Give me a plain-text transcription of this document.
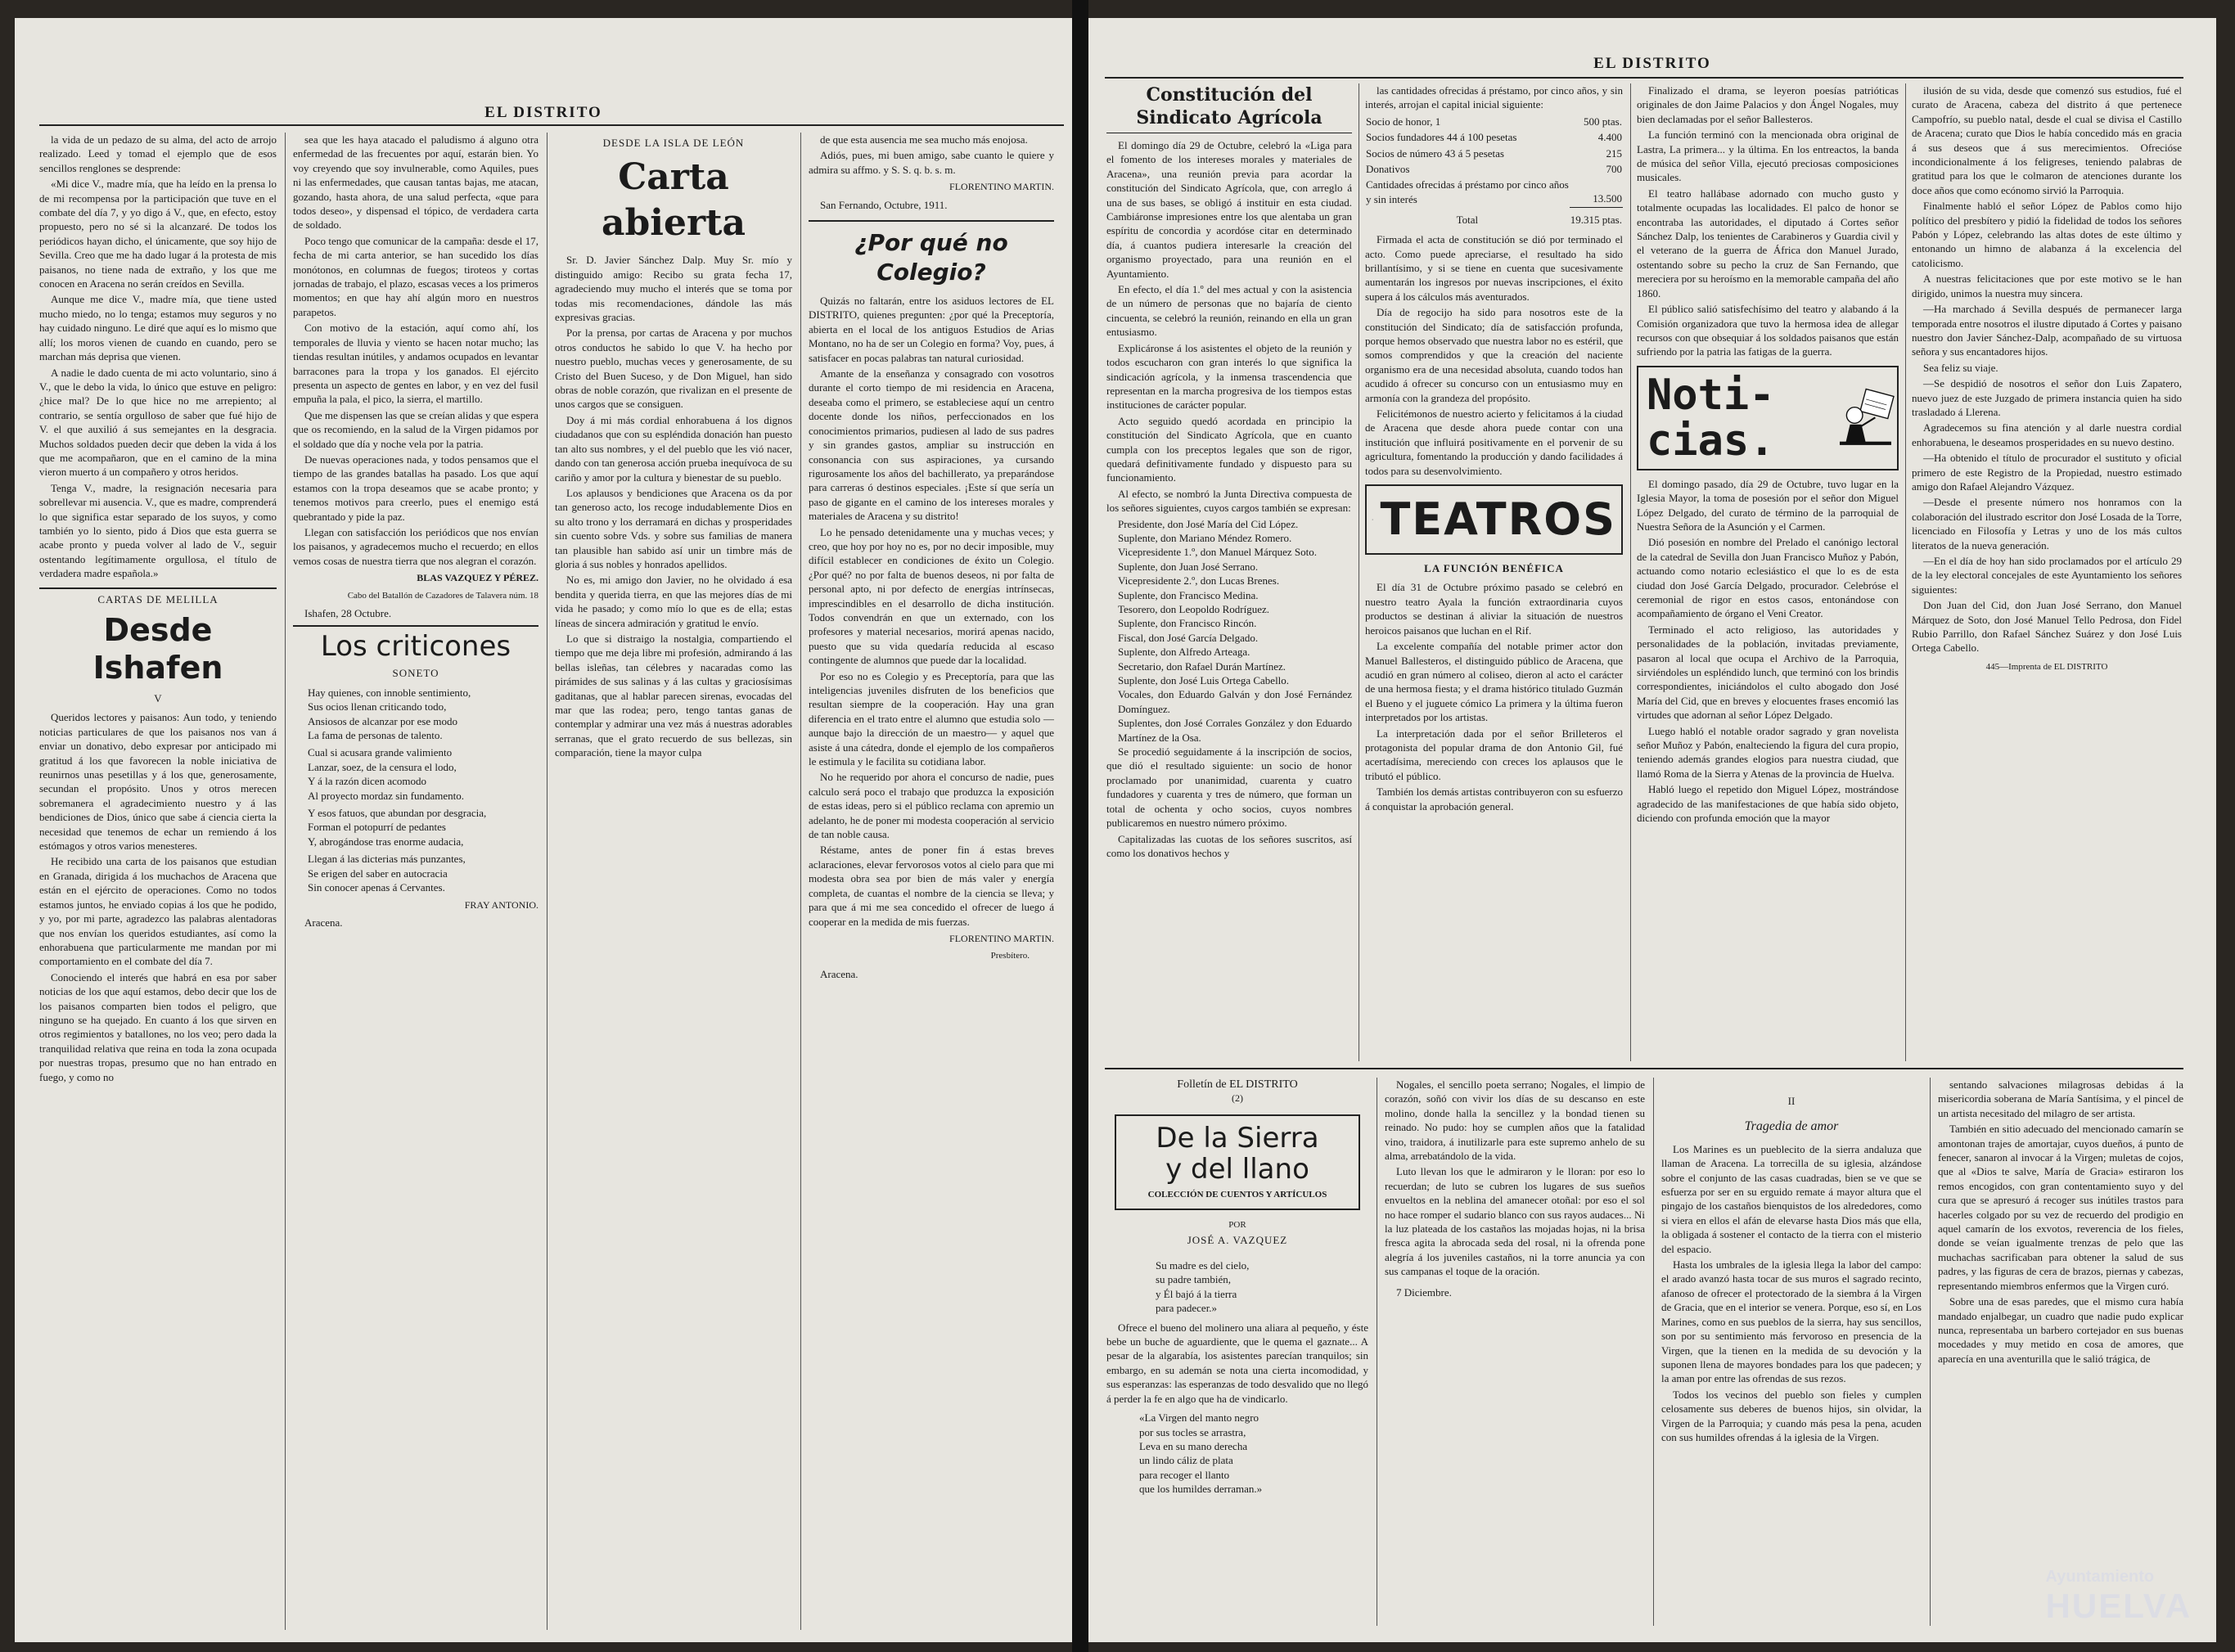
EL DISTRITO

la vida de un pedazo de su alma, del acto de arrojo realizado. Leed y tomad el ejemplo que de esos sencillos renglones se desprende:

«Mi dice V., madre mía, que ha leído en la prensa lo de mi recompensa por la participación que tuve en el combate del día 7, y yo digo á V., que, en efecto, estoy propuesto, pero no sé si la alcanzaré. De todos los periódicos hayan dicho, el únicamente, que soy hijo de Sevilla. Creo que me ha dado lugar á la protesta de mis paisanos, no tiene nada de extraño, y los que me conocen en Aracena no serán creídos en Sevilla.

Aunque me dice V., madre mía, que tiene usted mucho miedo, no lo tenga; estamos muy seguros y no hay cuidado ninguno. Le diré que aquí es lo mismo que allí; los moros vienen de cuando en cuando, pero se marchan más deprisa que vienen.

A nadie le dado cuenta de mi acto voluntario, sino á V., que le debo la vida, lo único que estuve en peligro: ¿hice mal? De lo que hice no me arrepiento; al contrario, se sentía orgulloso de saber que fué hijo de V. el que auxilió á sus semejantes en la desgracia. Muchos soldados pueden decir que deben la vida á los que me acompañaron, que en el camino de la mina vieron muerto á un compañero y otros heridos.

Tenga V., madre, la resignación necesaria para sobrellevar mi ausencia. V., que es madre, comprenderá lo que significa estar separado de los suyos, y como también yo lo siento, pido á Dios que esta guerra se acabe pronto y pueda volver al lado de V., seguir ostentando legítimamente orgullosa, el título de verdadera madre española.»

CARTAS DE MELILLA
Desde Ishafen
V

Queridos lectores y paisanos: Aun todo, y teniendo noticias particulares de que los paisanos nos van á enviar un donativo, debo expresar por anticipado mi gratitud á los que favorecen la noble iniciativa de reunirnos unas pesetillas y á los que, generosamente, secundan el propósito. Unos y otros merecen sobremanera el agradecimiento nuestro y á las bendiciones de Dios, único que sabe á ciencia cierta la necesidad que tenemos de echar un remiendo á los estómagos y otros varios menesteres.

He recibido una carta de los paisanos que estudian en Granada, dirigida á los muchachos de Aracena que están en el ejército de operaciones. Como no todos estamos juntos, he enviado copias á los que he podido, y yo, por mi parte, agradezco las palabras alentadoras que nos envían los queridos estudiantes, así como la enhorabuena que particularmente me mandan por mi comportamiento en el combate del día 7.

Conociendo el interés que habrá en esa por saber noticias de los que aquí estamos, debo decir que los de los paisanos comparten bien todos el peligro, que ninguno se ha quejado. En cuanto á los que sirven en otros regimientos y batallones, no los veo; pero dada la tranquilidad relativa que reina en toda la zona ocupada por nuestras tropas, presumo que no han entrado en fuego, y como no

sea que les haya atacado el paludismo á alguno otra enfermedad de las frecuentes por aquí, estarán bien. Yo voy creyendo que soy invulnerable, como Aquiles, pues ni las enfermedades, que causan tantas bajas, me atacan, gozando, hasta ahora, de una salud perfecta, «que para todos deseo», y dispensad el tópico, de verdadera carta de soldado.

Poco tengo que comunicar de la campaña: desde el 17, fecha de mi carta anterior, se han sucedido los días monótonos, en columnas de fuegos; tiroteos y cortas jornadas de trabajo, el plazo, escasas veces a los primeros momentos; en que hay ahí algún moro en nuestros parapetos.

Con motivo de la estación, aquí como ahí, los temporales de lluvia y viento se hacen notar mucho; las tiendas resultan inútiles, y andamos ocupados en levantar barracones para la tropa y los ganados. El ejército presenta un aspecto de gentes en labor, y en vez del fusil empuña la pala, el pico, la sierra, el martillo.

Que me dispensen las que se creían alidas y que espera que os recomiendo, en la salud de la Virgen pidamos por el soldado que día y noche vela por la patria.

De nuevas operaciones nada, y todos pensamos que el tiempo de las grandes batallas ha pasado. Los que aquí estamos con la tropa deseamos que se acabe pronto; y tenemos motivos para creerlo, pues el enemigo está quebrantado y pide la paz.

Llegan con satisfacción los periódicos que nos envían los paisanos, y agradecemos mucho el recuerdo; en ellos vemos cosas de nuestra tierra que nos alegran el corazón.

BLAS VAZQUEZ Y PÉREZ.
Cabo del Batallón de Cazadores de Talavera núm. 18
Ishafen, 28 Octubre.
Los criticones
SONETO
Hay quienes, con innoble sentimiento,
Sus ocios llenan criticando todo,
Ansiosos de alcanzar por ese modo
La fama de personas de talento.
Cual si acusara grande valimiento
Lanzar, soez, de la censura el lodo,
Y á la razón dicen acomodo
Al proyecto mordaz sin fundamento.
Y esos fatuos, que abundan por desgracia,
Forman el potopurrí de pedantes
Y, abrogándose tras enorme audacia,
Llegan á las dicterias más punzantes,
Se erigen del saber en autocracia
Sin conocer apenas á Cervantes.
FRAY ANTONIO.
Aracena.
DESDE LA ISLA DE LEÓN
Carta abierta

Sr. D. Javier Sánchez Dalp. Muy Sr. mío y distinguido amigo: Recibo su grata fecha 17, agradeciendo muy mucho el interés que se toma por todas mis recomendaciones, dándole las más expresivas gracias.

Por la prensa, por cartas de Aracena y por muchos otros conductos he sabido lo que V. ha hecho por nuestro pueblo, muchas veces y generosamente, de su Cristo del Buen Suceso, y de Don Miguel, han sido obras de noble corazón, que rivalizan en el presente de unos cargos que se consiguen.

Doy á mi más cordial enhorabuena á los dignos ciudadanos que con su espléndida donación han puesto tan alto sus nombres, y el del pueblo que les vió nacer, dando con tan generosa acción prueba inequívoca de su cariño y amor por la cultura y bienestar de su pueblo.

Los aplausos y bendiciones que Aracena os da por tan generoso acto, los recoge indudablemente Dios en su alto trono y los derramará en dichas y prosperidades sin cuento sobre Vds. y sobre sus familias de manera tan plausible han sabido así unir un timbre más de gloria á sus nobles y honrados apellidos.

No es, mi amigo don Javier, no he olvidado á esa bendita y querida tierra, en que las mejores días de mi vida he pasado; y como mío lo que es de ella; estas líneas de sincera admiración y gratitud le envío.

Lo que si distraigo la nostalgia, compartiendo el tiempo que me deja libre mi profesión, admirando á las bellas isleñas, tan célebres y nacaradas como las pirámides de sus salinas y á las cultas y graciosísimas gaditanas, que al hablar parecen sirenas, evocadas del mar que las rodea; pero, tengo tantas ganas de contemplar y admirar una vez más á nuestras adorables serranas, que el grato recuerdo de sus bellezas, sin comparación, tiene la mayor culpa

de que esta ausencia me sea mucho más enojosa.

Adiós, pues, mi buen amigo, sabe cuanto le quiere y admira su affmo. y S. S. q. b. s. m.

FLORENTINO MARTIN.
San Fernando, Octubre, 1911.
¿Por qué no Colegio?

Quizás no faltarán, entre los asiduos lectores de EL DISTRITO, quienes pregunten: ¿por qué la Preceptoría, abierta en el local de los antiguos Estudios de Arias Montano, no ha de ser un Colegio en forma? Voy, pues, á satisfacer en pocas palabras tan natural curiosidad.

Amante de la enseñanza y consagrado con vosotros durante el corto tiempo de mi residencia en Aracena, deseaba como el primero, se estableciese aquí un centro docente donde los niños, perfeccionados en los conocimientos primarios, pudiesen al lado de sus padres y sin grandes gastos, ampliar su instrucción en consonancia con sus aspiraciones, ya cursando rigurosamente los años del bachillerato, ya preparándose para carreras ó destinos especiales. ¡Este sí que sería un paso de gigante en el camino de los intereses morales y materiales de Aracena y su distrito!

Lo he pensado detenidamente una y muchas veces; y creo, que hoy por hoy no es, por no decir imposible, muy difícil establecer en condiciones de éxito un Colegio. ¿Por qué? no por falta de buenos deseos, ni por falta de personal apto, ni por defecto de energías intrínsecas, imprescindibles en el desarrollo de dicha institución. Todos convendrán en que un externado, con los profesores y material necesarios, morirá apenas nacido, puesto que su vida quedaría reducida al escaso contingente de alumnos que puede dar la localidad.

Por eso no es Colegio y es Preceptoría, para que las inteligencias juveniles disfruten de los beneficios que resultan siempre de la cooperación. Hay una gran diferencia en el trato entre el alumno que estudia solo —aunque bajo la dirección de un maestro— y aquel que asiste á una cátedra, donde el ejemplo de los compañeros le estimula y le facilita su cotidiana labor.

No he requerido por ahora el concurso de nadie, pues calculo será poco el trabajo que produzca la exposición de estas ideas, pero si el público reclama con apremio un adelanto, he de poner mi modesta cooperación al servicio de tan noble causa.

Réstame, antes de poner fin á estas breves aclaraciones, elevar fervorosos votos al cielo para que mi modesta obra sea por bien de más valer y energía completa, de cuantas el nombre de la ciencia se lleva; y para que á mi me sea concedido el ofrecer de luego á cooperar en la medida de mis fuerzas.

FLORENTINO MARTIN.
Presbítero.
Aracena.
EL DISTRITO
Constitución del Sindicato Agrícola

El domingo día 29 de Octubre, celebró la «Liga para el fomento de los intereses morales y materiales de Aracena», una reunión previa para acordar la constitución del Sindicato Agrícola, que, con arreglo á una de sus bases, se obligó á instituir en esta ciudad. Cambiáronse impresiones entre los que alentaba un gran espíritu de concordia y acordóse citar en determinado día, á cuantos pudiera interesarle la creación del organismo proyectado, para una reunión en el Ayuntamiento.

En efecto, el día 1.º del mes actual y con la asistencia de un número de personas que no bajaría de ciento cincuenta, se celebró la reunión, reinando en ella un gran entusiasmo.

Explicáronse á los asistentes el objeto de la reunión y todos escucharon con gran interés lo que significa la sindicación agrícola, y la inmensa trascendencia que representan en la marcha progresiva de los tiempos estas instituciones de carácter popular.

Acto seguido quedó acordada en principio la constitución del Sindicato Agrícola, que en cuanto cumpla con los preceptos legales que son de rigor, quedará definitivamente fundado y dispuesto para su funcionamiento.

Al efecto, se nombró la Junta Directiva compuesta de los señores siguientes, cuyos cargos también se expresan:

Presidente, don José María del Cid López.
Suplente, don Mariano Méndez Romero.
Vicepresidente 1.º, don Manuel Márquez Soto.
Suplente, don Juan José Serrano.
Vicepresidente 2.º, don Lucas Brenes.
Suplente, don Francisco Medina.
Tesorero, don Leopoldo Rodríguez.
Suplente, don Francisco Rincón.
Fiscal, don José García Delgado.
Suplente, don Alfredo Arteaga.
Secretario, don Rafael Durán Martínez.
Suplente, don José Luis Ortega Cabello.
Vocales, don Eduardo Galván y don José Fernández Domínguez.
Suplentes, don José Corrales González y don Eduardo Martínez de la Osa.

Se procedió seguidamente á la inscripción de socios, que dió el resultado siguiente: un socio de honor proclamado por unanimidad, cuarenta y cuatro fundadores y cuarenta y tres de número, que forman un total de ochenta y ocho socios, cuyos nombres publicaremos en nuestro número próximo.

Capitalizadas las cuotas de los señores suscritos, así como los donativos hechos y

las cantidades ofrecidas á préstamo, por cinco años, y sin interés, arrojan el capital inicial siguiente:

Socio de honor, 1	500 ptas.
Socios fundadores 44 á 100 pesetas	4.400
Socios de número 43 á 5 pesetas	215
Donativos	700
Cantidades ofrecidas á préstamo por cinco años y sin interés	13.500
Total	19.315 ptas.

Firmada el acta de constitución se dió por terminado el acto. Como puede apreciarse, el resultado ha sido brillantísimo, y si se tiene en cuenta que sucesivamente aumentarán los ingresos por nuevas inscripciones, el éxito supera á los cálculos más aventurados.

Día de regocijo ha sido para nosotros este de la constitución del Sindicato; día de satisfacción profunda, porque hemos observado que nuestra labor no es estéril, que somos comprendidos y que la creación del naciente organismo era de una necesidad absoluta, cuando todos han acudido á ofrecer su concurso con un entusiasmo muy en armonía con la grandeza del propósito.

Felicitémonos de nuestro acierto y felicitamos á la ciudad de Aracena que desde ahora puede contar con una institución que influirá positivamente en el porvenir de su agricultura, fomentando la producción y dando facilidades á todos para su desenvolvimiento.

TEATROS
LA FUNCIÓN BENÉFICA

El día 31 de Octubre próximo pasado se celebró en nuestro teatro Ayala la función extraordinaria cuyos productos se destinan á aliviar la situación de nuestros heroicos paisanos que luchan en el Rif.

La excelente compañía del notable primer actor don Manuel Ballesteros, el distinguido público de Aracena, que acudió en gran número al coliseo, dieron al acto el carácter de una hermosa fiesta; y el drama histórico titulado Guzmán el Bueno y el juguete cómico La primera y la última fueron interpretados por los artistas.

La interpretación dada por el señor Brilleteros el protagonista del popular drama de don Antonio Gil, fué acertadísima, mereciendo con creces los aplausos que le tributó el público.

También los demás artistas contribuyeron con su esfuerzo á conquistar la aprobación general.

Finalizado el drama, se leyeron poesías patrióticas originales de don Jaime Palacios y don Ángel Nogales, muy bien declamadas por el señor Ballesteros.

La función terminó con la mencionada obra original de Lastra, La primera... y la última. En los entreactos, la banda de música del señor Villa, ejecutó preciosas composiciones musicales.

El teatro hallábase adornado con mucho gusto y totalmente ocupadas las localidades. El palco de honor se encontraba las autoridades, el diputado á Cortes señor Sánchez Dalp, los tenientes de Carabineros y Guardia civil y el veterano de la guerra de África don Manuel Jurado, ostentando sobre su pecho la cruz de San Fernando, que mereciera por su heroísmo en la memorable campaña del año 1860.

El público salió satisfechísimo del teatro y alabando á la Comisión organizadora que tuvo la hermosa idea de allegar recursos con que obsequiar á los soldados paisanos que están sufriendo por la patria las fatigas de la guerra.

Noti-cias.

El domingo pasado, día 29 de Octubre, tuvo lugar en la Iglesia Mayor, la toma de posesión por el señor don Miguel López Delgado, del curato de término de la parroquial de Nuestra Señora de la Asunción y el Carmen.

Dió posesión en nombre del Prelado el canónigo lectoral de la catedral de Sevilla don Juan Francisco Muñoz y Pabón, actuando como notario eclesiástico el que lo es de esta ciudad don José García Delgado, procurador. Celebróse el ceremonial de rigor en estos casos, entonándose con acompañamiento de órgano el Veni Creator.

Terminado el acto religioso, las autoridades y personalidades de la población, invitadas previamente, pasaron al local que ocupa el Archivo de la Parroquia, sirviéndoles un espléndido lunch, que terminó con los brindis correspondientes, iniciándolos el culto abogado don José María del Cid, que en breves y elocuentes frases encomió las virtudes que adornan al señor López Delgado.

Luego habló el notable orador sagrado y gran novelista señor Muñoz y Pabón, enalteciendo la figura del cura propio, teniendo además grandes elogios para nuestra ciudad, que llamó Roma de la Sierra y Atenas de la provincia de Huelva.

Habló luego el repetido don Miguel López, mostrándose agradecido de las manifestaciones de que había sido objeto, diciendo con profunda emoción que la mayor

ilusión de su vida, desde que comenzó sus estudios, fué el curato de Aracena, cabeza del distrito á que pertenece Campofrío, su pueblo natal, desde el cual se divisa el Castillo de Aracena; curato que Dios le había concedido más en gracia á sus deseos que á sus merecimientos. Ofrecióse incondicionalmente á los feligreses, teniendo palabras de gratitud para los que le colmaron de atenciones durante los doce años que como ecónomo sirvió la Parroquia.

Finalmente habló el señor López de Pablos como hijo político del presbítero y pidió la fidelidad de todos los señores Pabón y López, celebrando las altas dotes de este último y entonando un himno de alabanza á la excelencia del catolicismo.

A nuestras felicitaciones que por este motivo se le han dirigido, unimos la nuestra muy sincera.

—Ha marchado á Sevilla después de permanecer larga temporada entre nosotros el ilustre diputado á Cortes y paisano nuestro don Javier Sánchez-Dalp, acompañado de su virtuosa señora y sus encantadores hijos.

Sea feliz su viaje.

—Se despidió de nosotros el señor don Luis Zapatero, nuevo juez de este Juzgado de primera instancia quien ha sido trasladado á Llerena.

Agradecemos su fina atención y al darle nuestra cordial enhorabuena, le deseamos prosperidades en su nuevo destino.

—Ha obtenido el título de procurador el sustituto y oficial primero de este Registro de la Propiedad, nuestro estimado amigo don Rafael Alejandro Vázquez.

—Desde el presente número nos honramos con la colaboración del ilustrado escritor don José Losada de la Torre, licenciado en Filosofía y Letras y uno de los más cultos literatos de la nueva generación.

—En el día de hoy han sido proclamados por el artículo 29 de la ley electoral concejales de este Ayuntamiento los señores siguientes:

Don Juan del Cid, don Juan José Serrano, don Manuel Márquez de Soto, don José Manuel Tello Pedrosa, don Fidel Rubio Parrillo, don Rafael Sánchez Suárez y don José Luis Ortega Cabello.

445—Imprenta de EL DISTRITO
Folletín de EL DISTRITO
(2)
De la Sierra
y del llano
COLECCIÓN DE CUENTOS Y ARTÍCULOS
POR
JOSÉ A. VAZQUEZ
Su madre es del cielo,
su padre también,
y Él bajó á la tierra
para padecer.»

Ofrece el bueno del molinero una aliara al pequeño, y éste bebe un buche de aguardiente, que le quema el gaznate... A pesar de la algarabía, los asistentes parecían tranquilos; sin embargo, en su ademán se nota una cierta incomodidad, y sus esperanzas: las esperanzas de todo desvalido que no llegó á perder la fe en algo que ha de vindicarlo.

«La Virgen del manto negro
por sus tocles se arrastra,
Leva en su mano derecha
un lindo cáliz de plata
para recoger el llanto
que los humildes derraman.»

Nogales, el sencillo poeta serrano; Nogales, el limpio de corazón, soñó con vivir los días de su descanso en este molino, donde halla la sencillez y la bondad tienen su reinado. No pudo: hoy se cumplen años que la fatalidad vino, traidora, á inutilizarle para este supremo anhelo de su alma, arrebatándolo de la vida.

Luto llevan los que le admiraron y le lloran: por eso lo recuerdan; de luto se cubren los lugares de sus sueños envueltos en la neblina del amanecer otoñal: por eso el sol no hace romper el sudario blanco con sus rayos audaces... Ni la luz plateada de los castaños las mojadas hojas, ni la brisa fresca agita la abrocada seda del rosal, ni la ofrenda pone alegría á los juveniles castaños, ni la torre anuncia ya con sus campanas el toque de la oración.

7 Diciembre.
II
Tragedia de amor

Los Marines es un pueblecito de la sierra andaluza que llaman de Aracena. La torrecilla de su iglesia, alzándose sobre el conjunto de las casas cuadradas, bien se ve que se esfuerza por ser en su erguido remate á mayor altura que el pingajo de los castaños bienquistos de los alrededores, como si viera en ellos el afán de elevarse hasta Dios más que ella, la obligada á sostener el contacto de la tierra con el misterio del espacio.

Hasta los umbrales de la iglesia llega la labor del campo: el arado avanzó hasta tocar de sus muros el sagrado recinto, afanoso de ofrecer el protectorado de la siembra á la Virgen de Gracia, que en el interior se venera. Porque, eso sí, en Los Marines, como en sus pueblos de la sierra, hay sus sencillos, son por su sentimiento más fervoroso en presencia de la Virgen, que la tienen en la medida de su devoción y la suponen llena de mayores bondades para los que padecen; y la aman por entre las ofrendas de sus rezos.

Todos los vecinos del pueblo son fieles y cumplen celosamente sus deberes de buenos hijos, sin olvidar, la Virgen de la Parroquia; y cuando más pesa la pena, acuden con sus humildes ofrendas á la iglesia de la Virgen.

sentando salvaciones milagrosas debidas á la misericordia soberana de María Santísima, y el pincel de un artista necesitado del milagro de ser artista.

También en sitio adecuado del mencionado camarín se amontonan trajes de amortajar, cuyos dueños, á punto de fenecer, sanaron al invocar á la Virgen; muletas de cojos, que al «Dios te salve, María de Gracia» estiraron los remos encogidos, con gran contentamiento suyo y del cura que se apresuró á recoger sus inútiles trastos para hacerles colgado por su vez de recuerdo del prodigio en aquel camarín de los exvotos, reverencia de los fieles, donde se veían igualmente trenzas de pelo que las muchachas sacrificaban para obtener la salud de sus padres, y las figuras de cera de brazos, piernas y cabezas, representando miembros enfermos que la Virgen curó.

Sobre una de esas paredes, que el mismo cura había mandado enjalbegar, un cuadro que nadie pudo explicar nunca, representaba un barbero cortejador en sus buenas mocedades y muy metido en cosa de amores, que aparecía en una aventurilla que le salió trágica, de

Ayuntamiento
HUELVA
